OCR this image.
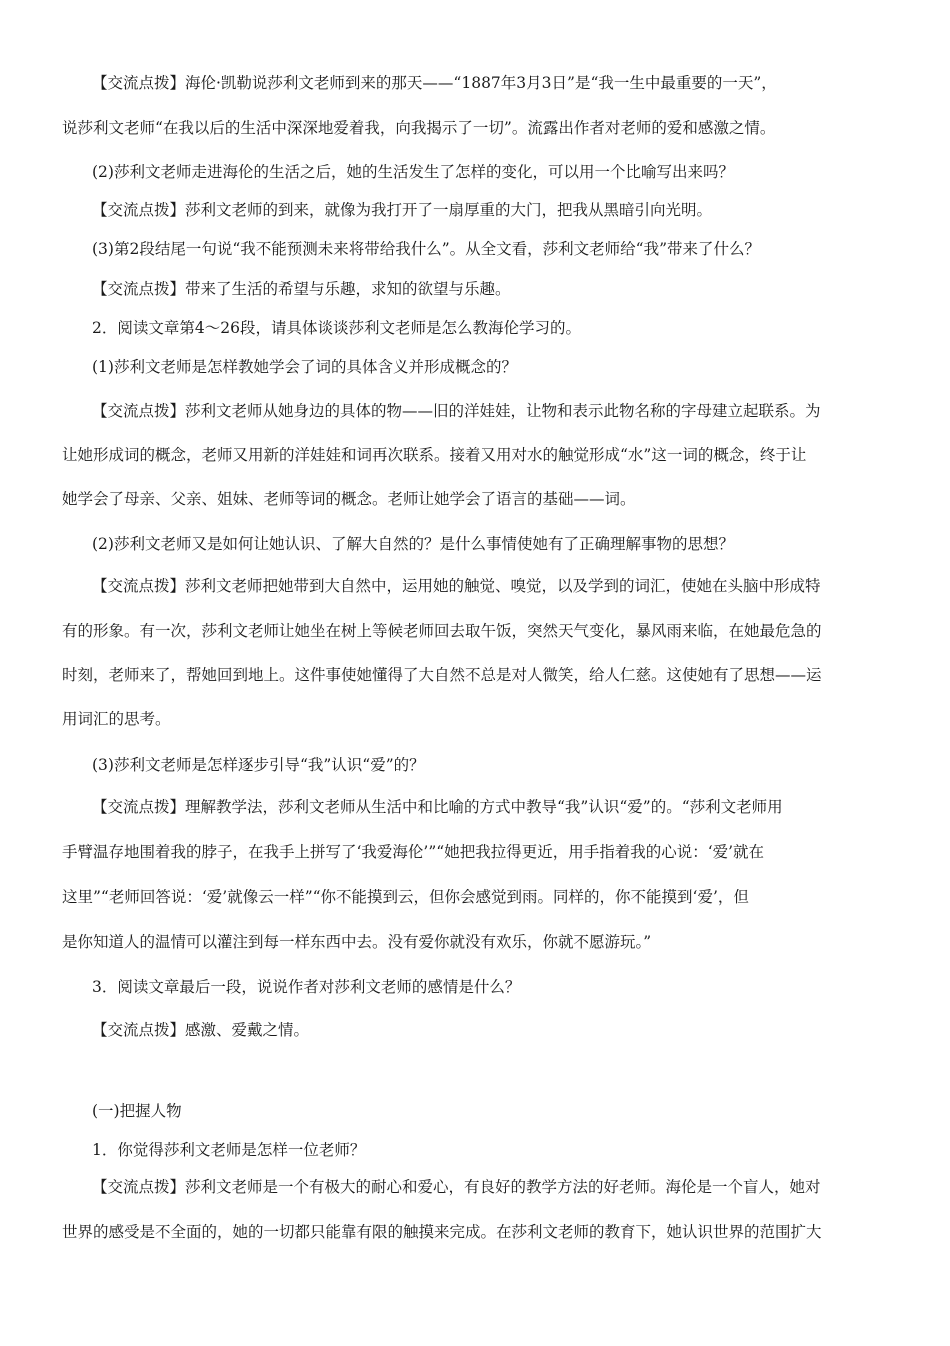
【交流点拨】海伦·凯勒说莎利文老师到来的那天——“1887年3月3日”是“我一生中最重要的一天”，
说莎利文老师“在我以后的生活中深深地爱着我，向我揭示了一切”。流露出作者对老师的爱和感激之情。
(2)莎利文老师走进海伦的生活之后，她的生活发生了怎样的变化，可以用一个比喻写出来吗？
【交流点拨】莎利文老师的到来，就像为我打开了一扇厚重的大门，把我从黑暗引向光明。
(3)第2段结尾一句说“我不能预测未来将带给我什么”。从全文看，莎利文老师给“我”带来了什么？
【交流点拨】带来了生活的希望与乐趣，求知的欲望与乐趣。
2．阅读文章第4～26段，请具体谈谈莎利文老师是怎么教海伦学习的。
(1)莎利文老师是怎样教她学会了词的具体含义并形成概念的？
【交流点拨】莎利文老师从她身边的具体的物——旧的洋娃娃，让物和表示此物名称的字母建立起联系。为
让她形成词的概念，老师又用新的洋娃娃和词再次联系。接着又用对水的触觉形成“水”这一词的概念，终于让
她学会了母亲、父亲、姐妹、老师等词的概念。老师让她学会了语言的基础——词。
(2)莎利文老师又是如何让她认识、了解大自然的？是什么事情使她有了正确理解事物的思想？
【交流点拨】莎利文老师把她带到大自然中，运用她的触觉、嗅觉，以及学到的词汇，使她在头脑中形成特
有的形象。有一次，莎利文老师让她坐在树上等候老师回去取午饭，突然天气变化，暴风雨来临，在她最危急的
时刻，老师来了，帮她回到地上。这件事使她懂得了大自然不总是对人微笑，给人仁慈。这使她有了思想——运
用词汇的思考。
(3)莎利文老师是怎样逐步引导“我”认识“爱”的？
【交流点拨】理解教学法，莎利文老师从生活中和比喻的方式中教导“我”认识“爱”的。“莎利文老师用
手臂温存地围着我的脖子，在我手上拼写了‘我爱海伦’”“她把我拉得更近，用手指着我的心说：‘爱’就在
这里”“老师回答说：‘爱’就像云一样”“你不能摸到云，但你会感觉到雨。同样的，你不能摸到‘爱’，但
是你知道人的温情可以灌注到每一样东西中去。没有爱你就没有欢乐，你就不愿游玩。”
3．阅读文章最后一段，说说作者对莎利文老师的感情是什么？
【交流点拨】感激、爱戴之情。
(一)把握人物
1．你觉得莎利文老师是怎样一位老师？
【交流点拨】莎利文老师是一个有极大的耐心和爱心，有良好的教学方法的好老师。海伦是一个盲人，她对
世界的感受是不全面的，她的一切都只能靠有限的触摸来完成。在莎利文老师的教育下，她认识世界的范围扩大
